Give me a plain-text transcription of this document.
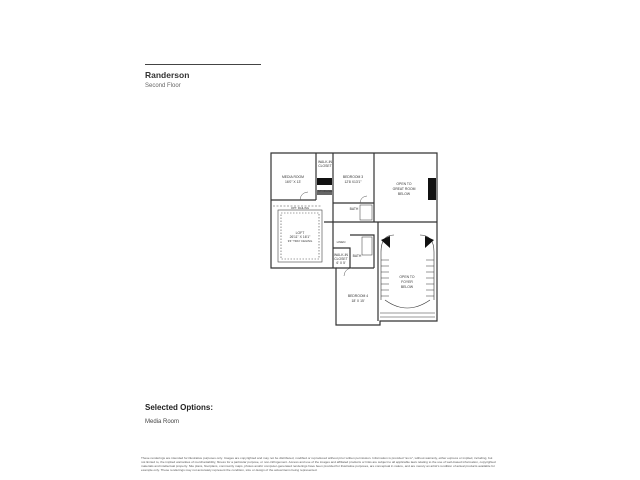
Randerson
Second Floor
MEDIA ROOM
16'0" X 13'
WALK-IN
CLOSET
BEDROOM 3
12'8 X13'1"
STORAGE
OPEN TO
GREAT ROOM
BELOW
BATH
OPT. RAILING
LOFT
26'11" X 16'1"
9'4" TRAY CEILING	LINEN
WALK-IN
CLOSET
6' X 5'
BATH
OPEN TO
FOYER
BELOW
BEDROOM 4
18' X 15'
Selected Options:
Media Room

These renderings are intended for illustrative purposes only. Images are copyrighted and may not be distributed, modified or reproduced without prior written permission. Information is provided "as is", without warranty, either express or implied, including, but not limited to, the implied warranties of merchantability, fitness for a particular purpose, or non-infringement. Access and use of the images and affiliated products or links are subject to all applicable laws relating to the use of web-based information, copyrighted materials and intellectual property. Site plans, floorplans, community maps, photos and/or computer-generated renderings have been provided for illustrative purposes, are conceptual in nature, and are merely an artist's rendition of actual products available for example only. These renderings may not accurately represent the condition, size or design of the actual items being represented.
